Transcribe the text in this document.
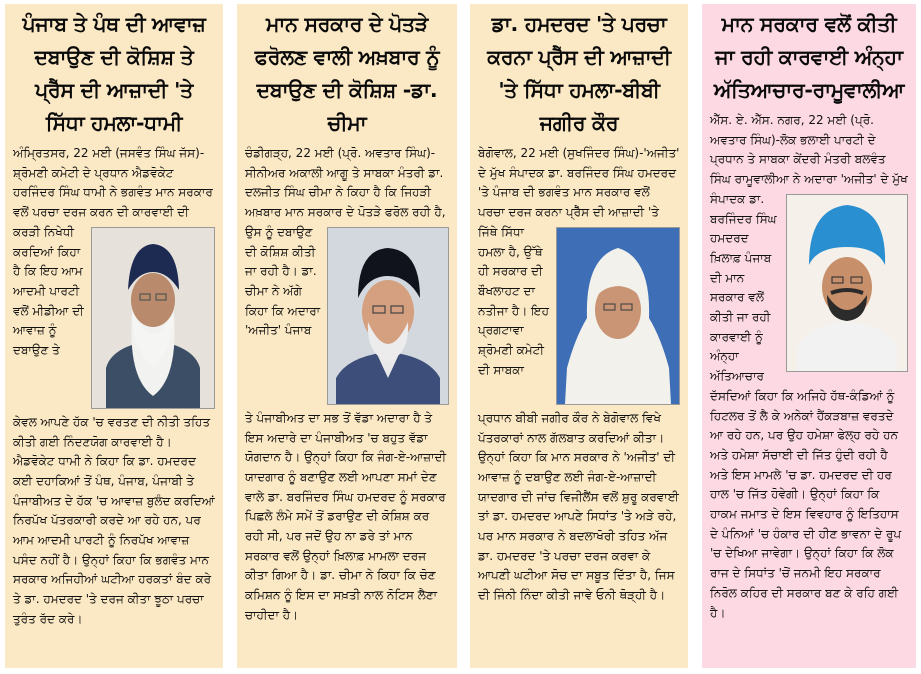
ਪੰਜਾਬ ਤੇ ਪੰਥ ਦੀ ਆਵਾਜ਼ ਦਬਾਉਣ ਦੀ ਕੋਸ਼ਿਸ਼ ਤੇ ਪ੍ਰੈੱਸ ਦੀ ਆਜ਼ਾਦੀ 'ਤੇ ਸਿੱਧਾ ਹਮਲਾ-ਧਾਮੀ
ਅੰਮ੍ਰਿਤਸਰ, 22 ਮਈ (ਜਸਵੰਤ ਸਿੰਘ ਜੱਸ)-ਸ਼੍ਰੋਮਣੀ ਕਮੇਟੀ ਦੇ ਪ੍ਰਧਾਨ ਐਡਵੋਕੇਟ ਹਰਜਿੰਦਰ ਸਿੰਘ ਧਾਮੀ ਨੇ ਭਗਵੰਤ ਮਾਨ ਸਰਕਾਰ ਵਲੋਂ ਪਰਚਾ ਦਰਜ ਕਰਨ ਦੀ ਕਾਰਵਾਈ ਦੀ ਕਰੜੀ ਨਿਖੇਧੀ ਕਰਦਿਆਂ ਕਿਹਾ ਹੈ ਕਿ ਇਹ ਆਮ ਆਦਮੀ ਪਾਰਟੀ ਵਲੋਂ ਮੀਡੀਆ ਦੀ ਆਵਾਜ਼ ਨੂੰ ਦਬਾਉਣ ਤੇ
ਕੇਵਲ ਆਪਣੇ ਹੱਕ 'ਚ ਵਰਤਣ ਦੀ ਨੀਤੀ ਤਹਿਤ ਕੀਤੀ ਗਈ ਨਿੰਦਣਯੋਗ ਕਾਰਵਾਈ ਹੈ। ਐਡਵੋਕੇਟ ਧਾਮੀ ਨੇ ਕਿਹਾ ਕਿ ਡਾ. ਹਮਦਰਦ ਕਈ ਦਹਾਕਿਆਂ ਤੋਂ ਪੰਥ, ਪੰਜਾਬ, ਪੰਜਾਬੀ ਤੇ ਪੰਜਾਬੀਅਤ ਦੇ ਹੱਕ 'ਚ ਆਵਾਜ਼ ਬੁਲੰਦ ਕਰਦਿਆਂ ਨਿਰਪੱਖ ਪੱਤਰਕਾਰੀ ਕਰਦੇ ਆ ਰਹੇ ਹਨ, ਪਰ ਆਮ ਆਦਮੀ ਪਾਰਟੀ ਨੂੰ ਨਿਰਪੱਖ ਆਵਾਜ਼ ਪਸੰਦ ਨਹੀਂ ਹੈ। ਉਨ੍ਹਾਂ ਕਿਹਾ ਕਿ ਭਗਵੰਤ ਮਾਨ ਸਰਕਾਰ ਅਜਿਹੀਆਂ ਘਟੀਆ ਹਰਕਤਾਂ ਬੰਦ ਕਰੇ ਤੇ ਡਾ. ਹਮਦਰਦ 'ਤੇ ਦਰਜ ਕੀਤਾ ਝੂਠਾ ਪਰਚਾ ਤੁਰੰਤ ਰੱਦ ਕਰੇ।
ਮਾਨ ਸਰਕਾਰ ਦੇ ਪੋਤੜੇ ਫਰੋਲਣ ਵਾਲੀ ਅਖ਼ਬਾਰ ਨੂੰ ਦਬਾਉਣ ਦੀ ਕੋਸ਼ਿਸ਼ -ਡਾ. ਚੀਮਾ
ਚੰਡੀਗੜ੍ਹ, 22 ਮਈ (ਪ੍ਰੋ. ਅਵਤਾਰ ਸਿੰਘ)-ਸੀਨੀਅਰ ਅਕਾਲੀ ਆਗੂ ਤੇ ਸਾਬਕਾ ਮੰਤਰੀ ਡਾ. ਦਲਜੀਤ ਸਿੰਘ ਚੀਮਾ ਨੇ ਕਿਹਾ ਹੈ ਕਿ ਜਿਹੜੀ ਅਖ਼ਬਾਰ ਮਾਨ ਸਰਕਾਰ ਦੇ ਪੋਤੜੇ ਫਰੋਲ ਰਹੀ ਹੈ, ਉਸ ਨੂੰ ਦਬਾਉਣ ਦੀ ਕੋਸ਼ਿਸ਼ ਕੀਤੀ ਜਾ ਰਹੀ ਹੈ। ਡਾ. ਚੀਮਾ ਨੇ ਅੱਗੇ ਕਿਹਾ ਕਿ ਅਦਾਰਾ 'ਅਜੀਤ' ਪੰਜਾਬ
ਤੇ ਪੰਜਾਬੀਅਤ ਦਾ ਸਭ ਤੋਂ ਵੱਡਾ ਅਦਾਰਾ ਹੈ ਤੇ ਇਸ ਅਦਾਰੇ ਦਾ ਪੰਜਾਬੀਅਤ 'ਚ ਬਹੁਤ ਵੱਡਾ ਯੋਗਦਾਨ ਹੈ। ਉਨ੍ਹਾਂ ਕਿਹਾ ਕਿ ਜੰਗ-ਏ-ਆਜ਼ਾਦੀ ਯਾਦਗਾਰ ਨੂੰ ਬਣਾਉਣ ਲਈ ਆਪਣਾ ਸਮਾਂ ਦੇਣ ਵਾਲੇ ਡਾ. ਬਰਜਿੰਦਰ ਸਿੰਘ ਹਮਦਰਦ ਨੂੰ ਸਰਕਾਰ ਪਿਛਲੇ ਲੰਮੇ ਸਮੇਂ ਤੋਂ ਡਰਾਉਣ ਦੀ ਕੋਸ਼ਿਸ਼ ਕਰ ਰਹੀ ਸੀ, ਪਰ ਜਦੋਂ ਉਹ ਨਾ ਡਰੇ ਤਾਂ ਮਾਨ ਸਰਕਾਰ ਵਲੋਂ ਉਨ੍ਹਾਂ ਖ਼ਿਲਾਫ਼ ਮਾਮਲਾ ਦਰਜ ਕੀਤਾ ਗਿਆ ਹੈ। ਡਾ. ਚੀਮਾ ਨੇ ਕਿਹਾ ਕਿ ਚੋਣ ਕਮਿਸ਼ਨ ਨੂੰ ਇਸ ਦਾ ਸਖ਼ਤੀ ਨਾਲ ਨੋਟਿਸ ਲੈਣਾ ਚਾਹੀਦਾ ਹੈ।
ਡਾ. ਹਮਦਰਦ 'ਤੇ ਪਰਚਾ ਕਰਨਾ ਪ੍ਰੈੱਸ ਦੀ ਆਜ਼ਾਦੀ 'ਤੇ ਸਿੱਧਾ ਹਮਲਾ-ਬੀਬੀ ਜਗੀਰ ਕੌਰ
ਬੇਗੋਵਾਲ, 22 ਮਈ (ਸੁਖਜਿੰਦਰ ਸਿੰਘ)-'ਅਜੀਤ' ਦੇ ਮੁੱਖ ਸੰਪਾਦਕ ਡਾ. ਬਰਜਿੰਦਰ ਸਿੰਘ ਹਮਦਰਦ 'ਤੇ ਪੰਜਾਬ ਦੀ ਭਗਵੰਤ ਮਾਨ ਸਰਕਾਰ ਵਲੋਂ ਪਰਚਾ ਦਰਜ ਕਰਨਾ ਪ੍ਰੈੱਸ ਦੀ ਆਜ਼ਾਦੀ 'ਤੇ ਜਿੱਥੇ ਸਿੱਧਾ ਹਮਲਾ ਹੈ, ਉੱਥੇ ਹੀ ਸਰਕਾਰ ਦੀ ਬੌਖਲਾਹਟ ਦਾ ਨਤੀਜਾ ਹੈ। ਇਹ ਪ੍ਰਗਟਾਵਾ ਸ਼੍ਰੋਮਣੀ ਕਮੇਟੀ ਦੀ ਸਾਬਕਾ
ਪ੍ਰਧਾਨ ਬੀਬੀ ਜਗੀਰ ਕੌਰ ਨੇ ਬੇਗੋਵਾਲ ਵਿਖੇ ਪੱਤਰਕਾਰਾਂ ਨਾਲ ਗੱਲਬਾਤ ਕਰਦਿਆਂ ਕੀਤਾ। ਉਨ੍ਹਾਂ ਕਿਹਾ ਕਿ ਮਾਨ ਸਰਕਾਰ ਨੇ 'ਅਜੀਤ' ਦੀ ਆਵਾਜ਼ ਨੂੰ ਦਬਾਉਣ ਲਈ ਜੰਗ-ਏ-ਆਜ਼ਾਦੀ ਯਾਦਗਾਰ ਦੀ ਜਾਂਚ ਵਿਜੀਲੈਂਸ ਵਲੋਂ ਸ਼ੁਰੂ ਕਰਵਾਈ ਤਾਂ ਡਾ. ਹਮਦਰਦ ਆਪਣੇ ਸਿਧਾਂਤ 'ਤੇ ਅੜੇ ਰਹੇ, ਪਰ ਮਾਨ ਸਰਕਾਰ ਨੇ ਬਦਲਾਖੋਰੀ ਤਹਿਤ ਅੱਜ ਡਾ. ਹਮਦਰਦ 'ਤੇ ਪਰਚਾ ਦਰਜ ਕਰਵਾ ਕੇ ਆਪਣੀ ਘਟੀਆ ਸੋਚ ਦਾ ਸਬੂਤ ਦਿੱਤਾ ਹੈ, ਜਿਸ ਦੀ ਜਿੰਨੀ ਨਿੰਦਾ ਕੀਤੀ ਜਾਵੇ ਓਨੀ ਥੋੜ੍ਹੀ ਹੈ।
ਮਾਨ ਸਰਕਾਰ ਵਲੋਂ ਕੀਤੀ ਜਾ ਰਹੀ ਕਾਰਵਾਈ ਅੰਨ੍ਹਾ ਅੱਤਿਆਚਾਰ-ਰਾਮੂਵਾਲੀਆ
ਐੱਸ. ਏ. ਐੱਸ. ਨਗਰ, 22 ਮਈ (ਪ੍ਰੋ. ਅਵਤਾਰ ਸਿੰਘ)-ਲੋਕ ਭਲਾਈ ਪਾਰਟੀ ਦੇ ਪ੍ਰਧਾਨ ਤੇ ਸਾਬਕਾ ਕੇਂਦਰੀ ਮੰਤਰੀ ਬਲਵੰਤ ਸਿੰਘ ਰਾਮੂਵਾਲੀਆ ਨੇ ਅਦਾਰਾ 'ਅਜੀਤ' ਦੇ ਮੁੱਖ
ਸੰਪਾਦਕ ਡਾ. ਬਰਜਿੰਦਰ ਸਿੰਘ ਹਮਦਰਦ ਖ਼ਿਲਾਫ਼ ਪੰਜਾਬ ਦੀ ਮਾਨ ਸਰਕਾਰ ਵਲੋਂ ਕੀਤੀ ਜਾ ਰਹੀ ਕਾਰਵਾਈ ਨੂੰ ਅੰਨ੍ਹਾ ਅੱਤਿਆਚਾਰ
ਦੱਸਦਿਆਂ ਕਿਹਾ ਕਿ ਅਜਿਹੇ ਹੱਥ-ਕੰਡਿਆਂ ਨੂੰ ਹਿਟਲਰ ਤੋਂ ਲੈ ਕੇ ਅਨੇਕਾਂ ਹੈਂਕੜਬਾਜ਼ ਵਰਤਦੇ ਆ ਰਹੇ ਹਨ, ਪਰ ਉਹ ਹਮੇਸ਼ਾ ਫੇਲ੍ਹ ਰਹੇ ਹਨ ਅਤੇ ਹਮੇਸ਼ਾ ਸੱਚਾਈ ਦੀ ਜਿੱਤ ਹੁੰਦੀ ਰਹੀ ਹੈ ਅਤੇ ਇਸ ਮਾਮਲੇ 'ਚ ਡਾ. ਹਮਦਰਦ ਦੀ ਹਰ ਹਾਲ 'ਚ ਜਿੱਤ ਹੋਵੇਗੀ। ਉਨ੍ਹਾਂ ਕਿਹਾ ਕਿ ਹਾਕਮ ਜਮਾਤ ਦੇ ਇਸ ਵਿਵਹਾਰ ਨੂੰ ਇਤਿਹਾਸ ਦੇ ਪੰਨਿਆਂ 'ਚ ਹੰਕਾਰ ਦੀ ਹੀਣ ਭਾਵਨਾ ਦੇ ਰੂਪ 'ਚ ਦੇਖਿਆ ਜਾਵੇਗਾ। ਉਨ੍ਹਾਂ ਕਿਹਾ ਕਿ ਲੋਕ ਰਾਜ ਦੇ ਸਿਧਾਂਤ 'ਚੋਂ ਜਨਮੀ ਇਹ ਸਰਕਾਰ ਨਿਰੋਲ ਕਹਿਰ ਦੀ ਸਰਕਾਰ ਬਣ ਕੇ ਰਹਿ ਗਈ ਹੈ।
